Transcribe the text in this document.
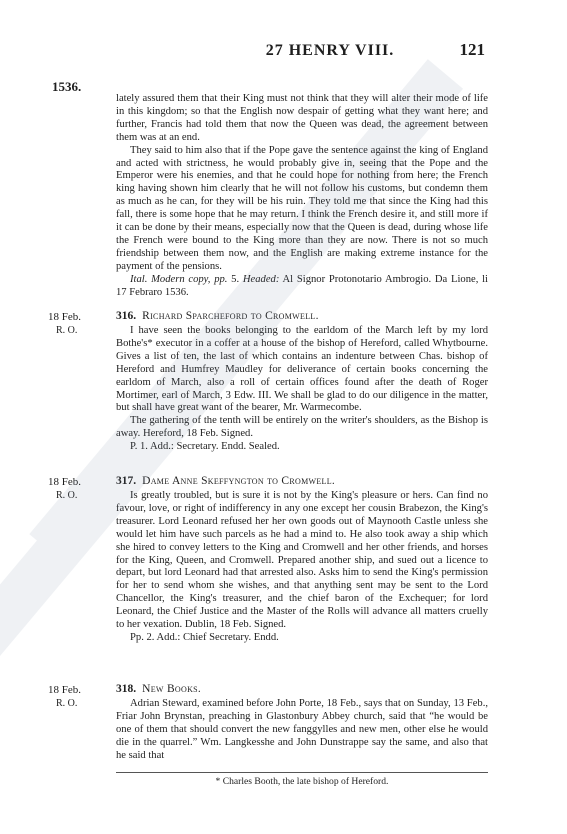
27 HENRY VIII.	121
1536.

lately assured them that their King must not think that they will alter their mode of life in this kingdom; so that the English now despair of getting what they want here; and further, Francis had told them that now the Queen was dead, the agreement between them was at an end.

They said to him also that if the Pope gave the sentence against the king of England and acted with strictness, he would probably give in, seeing that the Pope and the Emperor were his enemies, and that he could hope for nothing from here; the French king having shown him clearly that he will not follow his customs, but condemn them as much as he can, for they will be his ruin. They told me that since the King had this fall, there is some hope that he may return. I think the French desire it, and still more if it can be done by their means, especially now that the Queen is dead, during whose life the French were bound to the King more than they are now. There is not so much friendship between them now, and the English are making extreme instance for the payment of the pensions.

Ital. Modern copy, pp. 5. Headed: Al Signor Protonotario Ambrogio. Da Lione, li 17 Febraro 1536.

18 Feb.
R. O.
316. Richard Sparcheford to Cromwell.

I have seen the books belonging to the earldom of the March left by my lord Bothe's* executor in a coffer at a house of the bishop of Hereford, called Whytbourne. Gives a list of ten, the last of which contains an indenture between Chas. bishop of Hereford and Humfrey Maudley for deliverance of certain books concerning the earldom of March, also a roll of certain offices found after the death of Roger Mortimer, earl of March, 3 Edw. III. We shall be glad to do our diligence in the matter, but shall have great want of the bearer, Mr. Warmecombe.

The gathering of the tenth will be entirely on the writer's shoulders, as the Bishop is away. Hereford, 18 Feb. Signed.

P. 1. Add.: Secretary. Endd. Sealed.

18 Feb.
R. O.
317. Dame Anne Skeffyngton to Cromwell.

Is greatly troubled, but is sure it is not by the King's pleasure or hers. Can find no favour, love, or right of indifferency in any one except her cousin Brabezon, the King's treasurer. Lord Leonard refused her her own goods out of Maynooth Castle unless she would let him have such parcels as he had a mind to. He also took away a ship which she hired to convey letters to the King and Cromwell and her other friends, and horses for the King, Queen, and Cromwell. Prepared another ship, and sued out a licence to depart, but lord Leonard had that arrested also. Asks him to send the King's permission for her to send whom she wishes, and that anything sent may be sent to the Lord Chancellor, the King's treasurer, and the chief baron of the Exchequer; for lord Leonard, the Chief Justice and the Master of the Rolls will advance all matters cruelly to her vexation. Dublin, 18 Feb. Signed.

Pp. 2. Add.: Chief Secretary. Endd.

18 Feb.
R. O.
318. New Books.

Adrian Steward, examined before John Porte, 18 Feb., says that on Sunday, 13 Feb., Friar John Brynstan, preaching in Glastonbury Abbey church, said that “he would be one of them that should convert the new fanggylles and new men, other else he would die in the quarrel.” Wm. Langkesshe and John Dunstrappe say the same, and also that he said that

* Charles Booth, the late bishop of Hereford.
